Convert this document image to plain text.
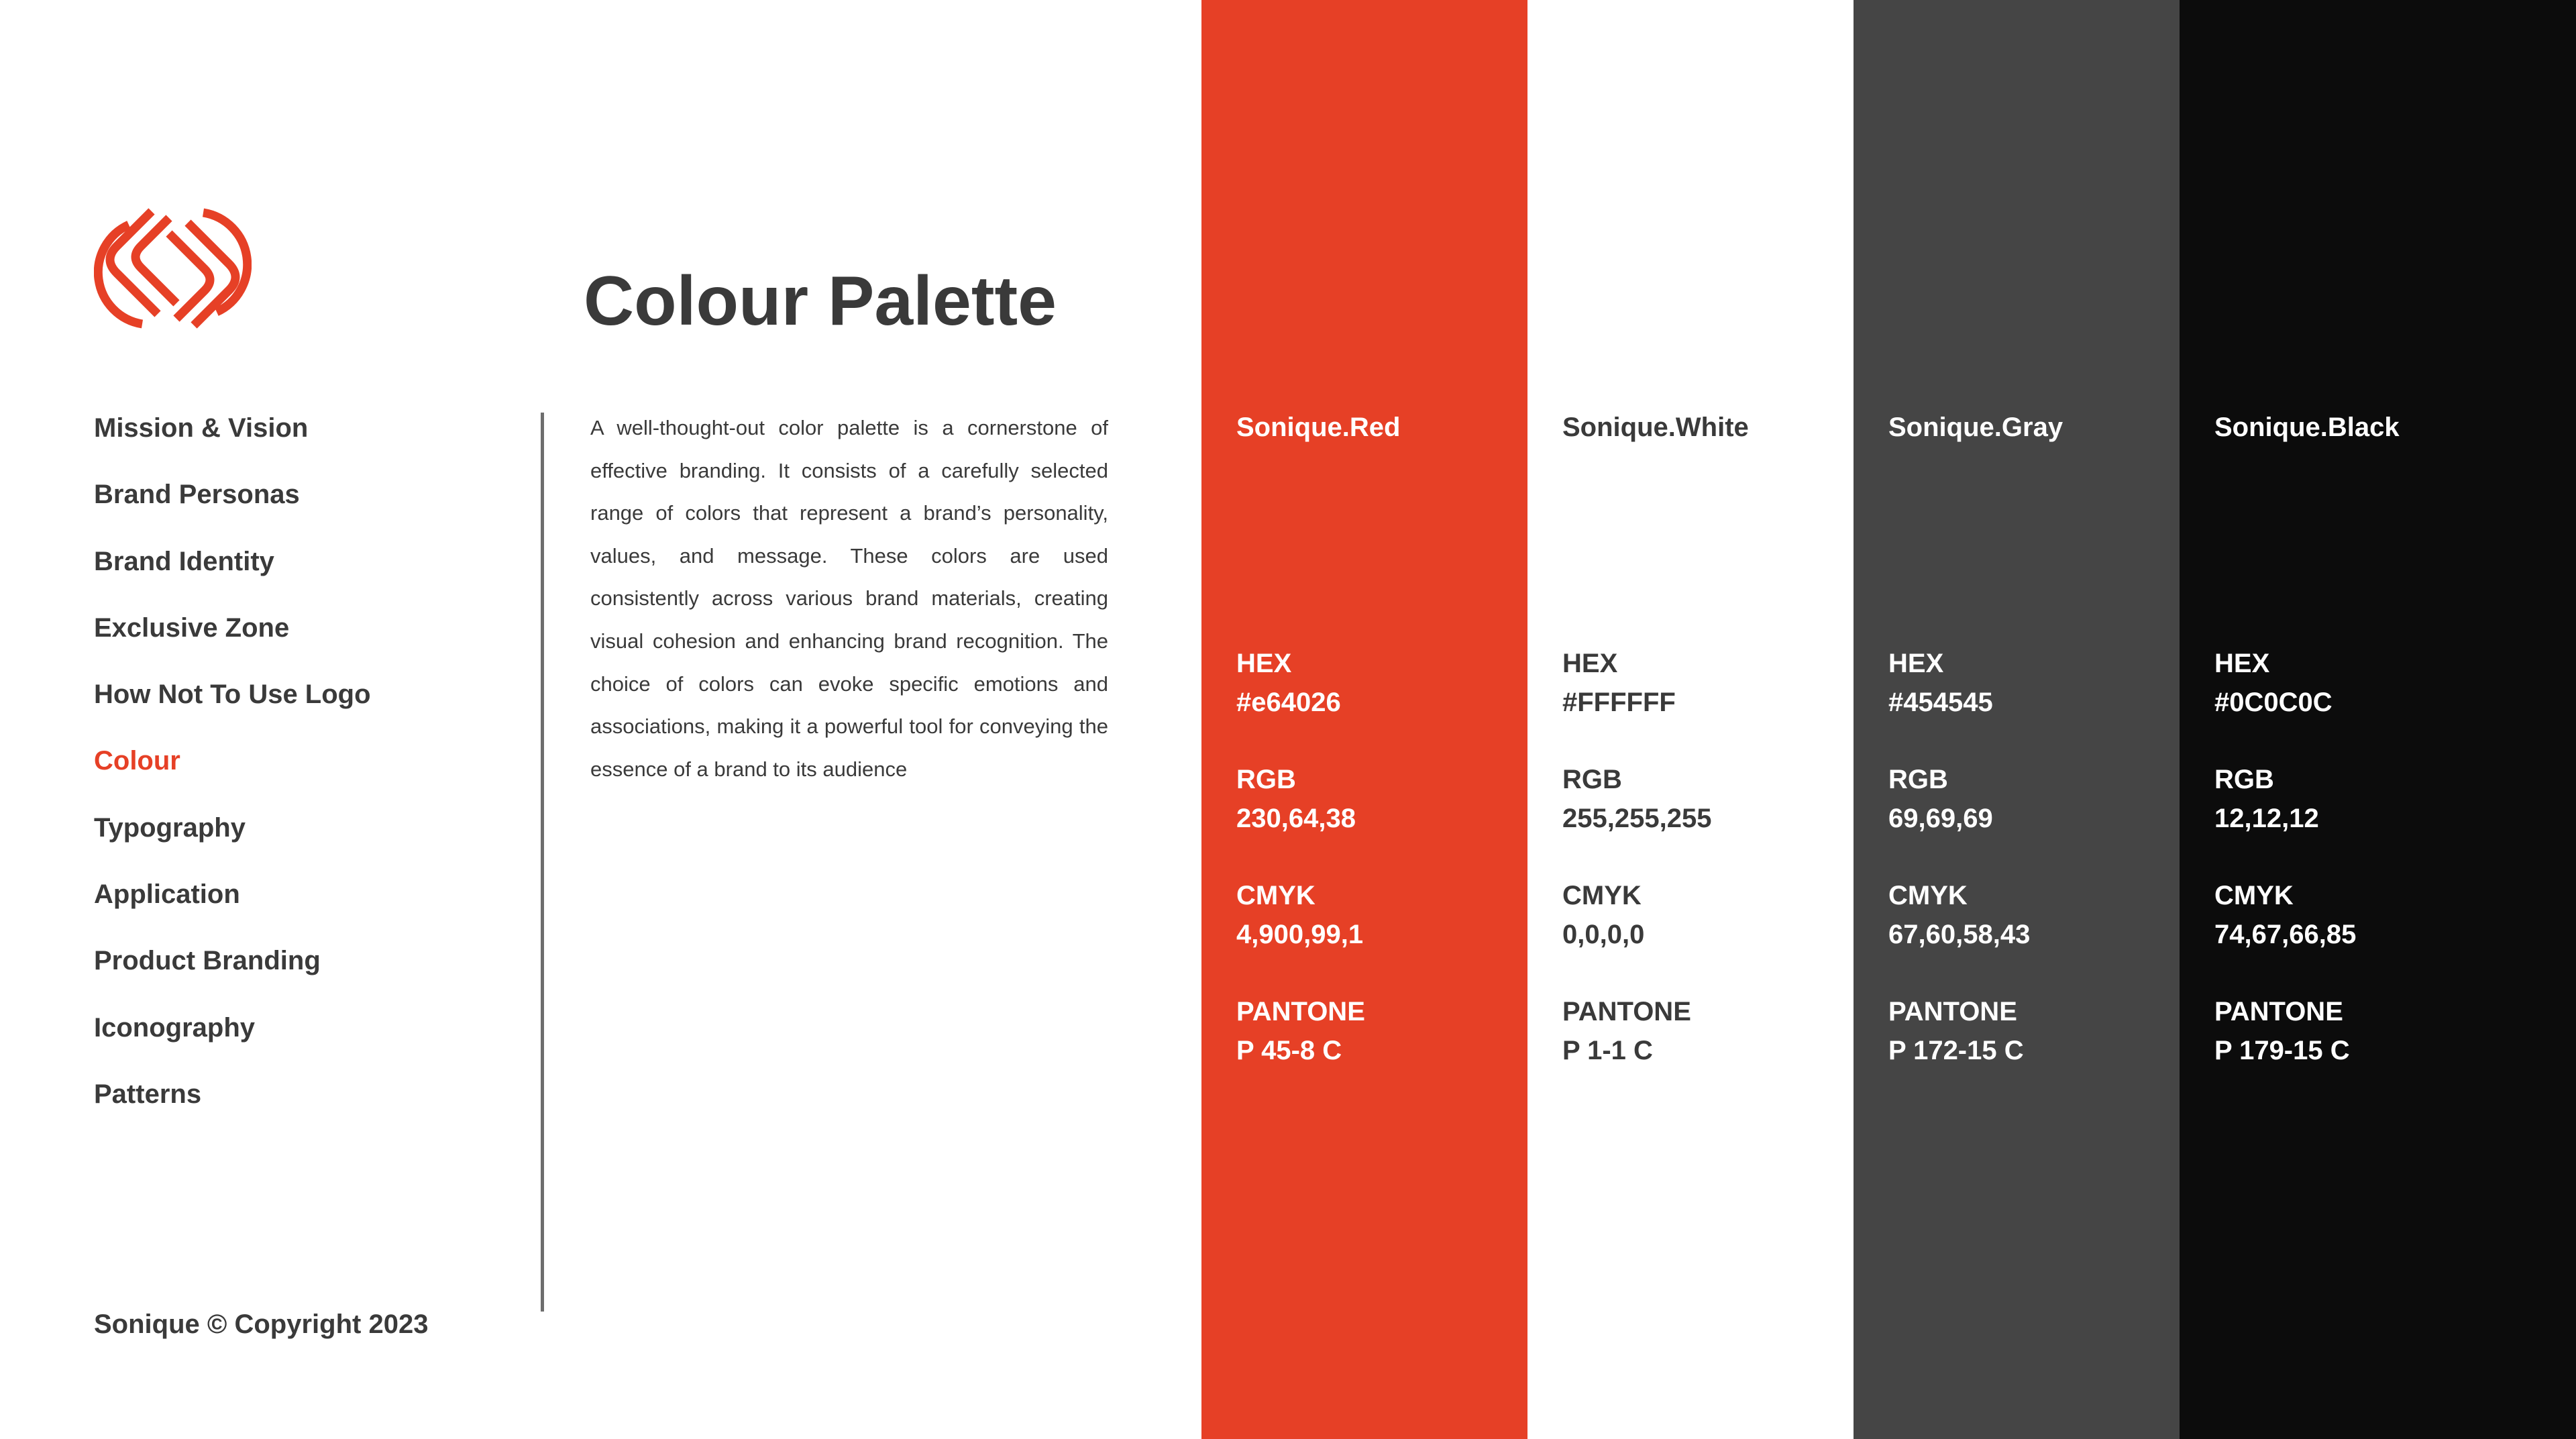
Mission & Vision
Brand Personas
Brand Identity
Exclusive Zone
How Not To Use Logo
Colour
Typography
Application
Product Branding
Iconography
Patterns
Sonique © Copyright 2023
Colour Palette

A well-thought-out color palette is a cornerstone of effective branding. It consists of a carefully selected range of colors that represent a brand’s personality, values, and message. These colors are used consistently across various brand materials, creating visual cohesion and enhancing brand recognition. The choice of colors can evoke specific emotions and associations, making it a powerful tool for conveying the essence of a brand to its audience

Sonique.Red
HEX
#e64026
RGB
230,64,38
CMYK
4,900,99,1
PANTONE
P 45-8 C
Sonique.White
HEX
#FFFFFF
RGB
255,255,255
CMYK
0,0,0,0
PANTONE
P 1-1 C
Sonique.Gray
HEX
#454545
RGB
69,69,69
CMYK
67,60,58,43
PANTONE
P 172-15 C
Sonique.Black
HEX
#0C0C0C
RGB
12,12,12
CMYK
74,67,66,85
PANTONE
P 179-15 C
